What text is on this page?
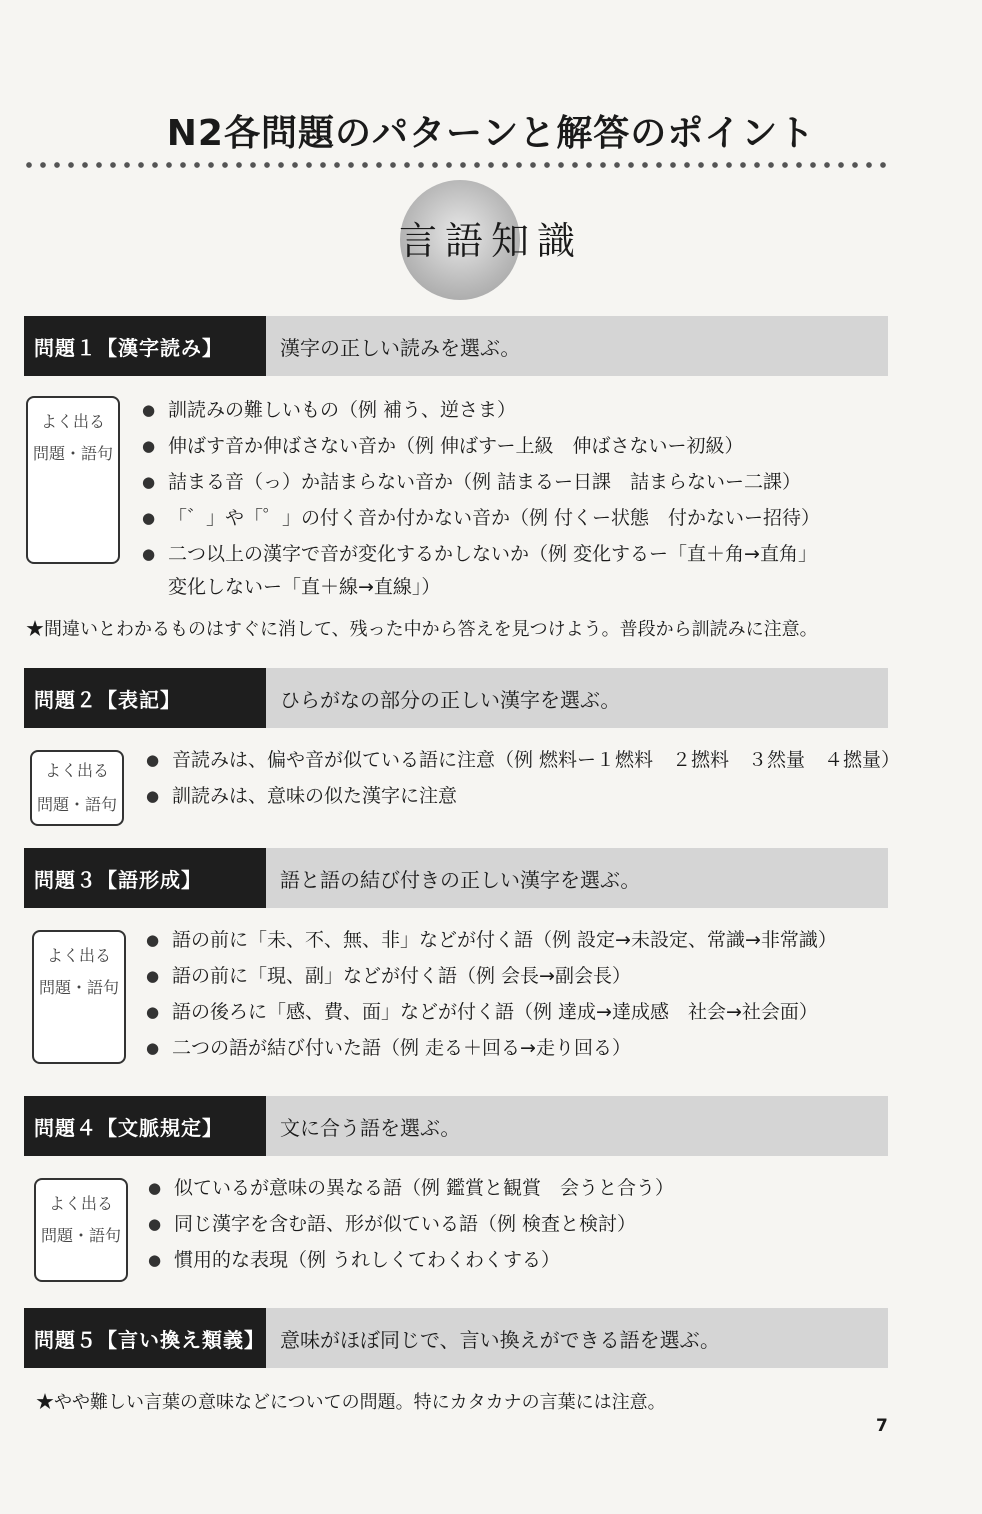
N2各問題のパターンと解答のポイント
言語知識
問題１【漢字読み】	漢字の正しい読みを選ぶ。
よく出る
問題・語句
● 訓読みの難しいもの（例 補う、逆さま）
● 伸ばす音か伸ばさない音か（例 伸ばすー上級　伸ばさないー初級）
● 詰まる音（っ）か詰まらない音か（例 詰まるー日課　詰まらないー二課）
● 「゛」や「゜」の付く音か付かない音か（例 付くー状態　付かないー招待）
● 二つ以上の漢字で音が変化するかしないか（例 変化するー「直＋角→直角」
変化しないー「直＋線→直線」）
★間違いとわかるものはすぐに消して、残った中から答えを見つけよう。普段から訓読みに注意。
問題２【表記】	ひらがなの部分の正しい漢字を選ぶ。
よく出る
問題・語句
● 音読みは、偏や音が似ている語に注意（例 燃料ー１燃料　２撚料　３然量　４撚量）
● 訓読みは、意味の似た漢字に注意
問題３【語形成】	語と語の結び付きの正しい漢字を選ぶ。
よく出る
問題・語句
● 語の前に「未、不、無、非」などが付く語（例 設定→未設定、常識→非常識）
● 語の前に「現、副」などが付く語（例 会長→副会長）
● 語の後ろに「感、費、面」などが付く語（例 達成→達成感　社会→社会面）
● 二つの語が結び付いた語（例 走る＋回る→走り回る）
問題４【文脈規定】	文に合う語を選ぶ。
よく出る
問題・語句
● 似ているが意味の異なる語（例 鑑賞と観賞　会うと合う）
● 同じ漢字を含む語、形が似ている語（例 検査と検討）
● 慣用的な表現（例 うれしくてわくわくする）
問題５【言い換え類義】 意味がほぼ同じで、言い換えができる語を選ぶ。
★やや難しい言葉の意味などについての問題。特にカタカナの言葉には注意。
7
